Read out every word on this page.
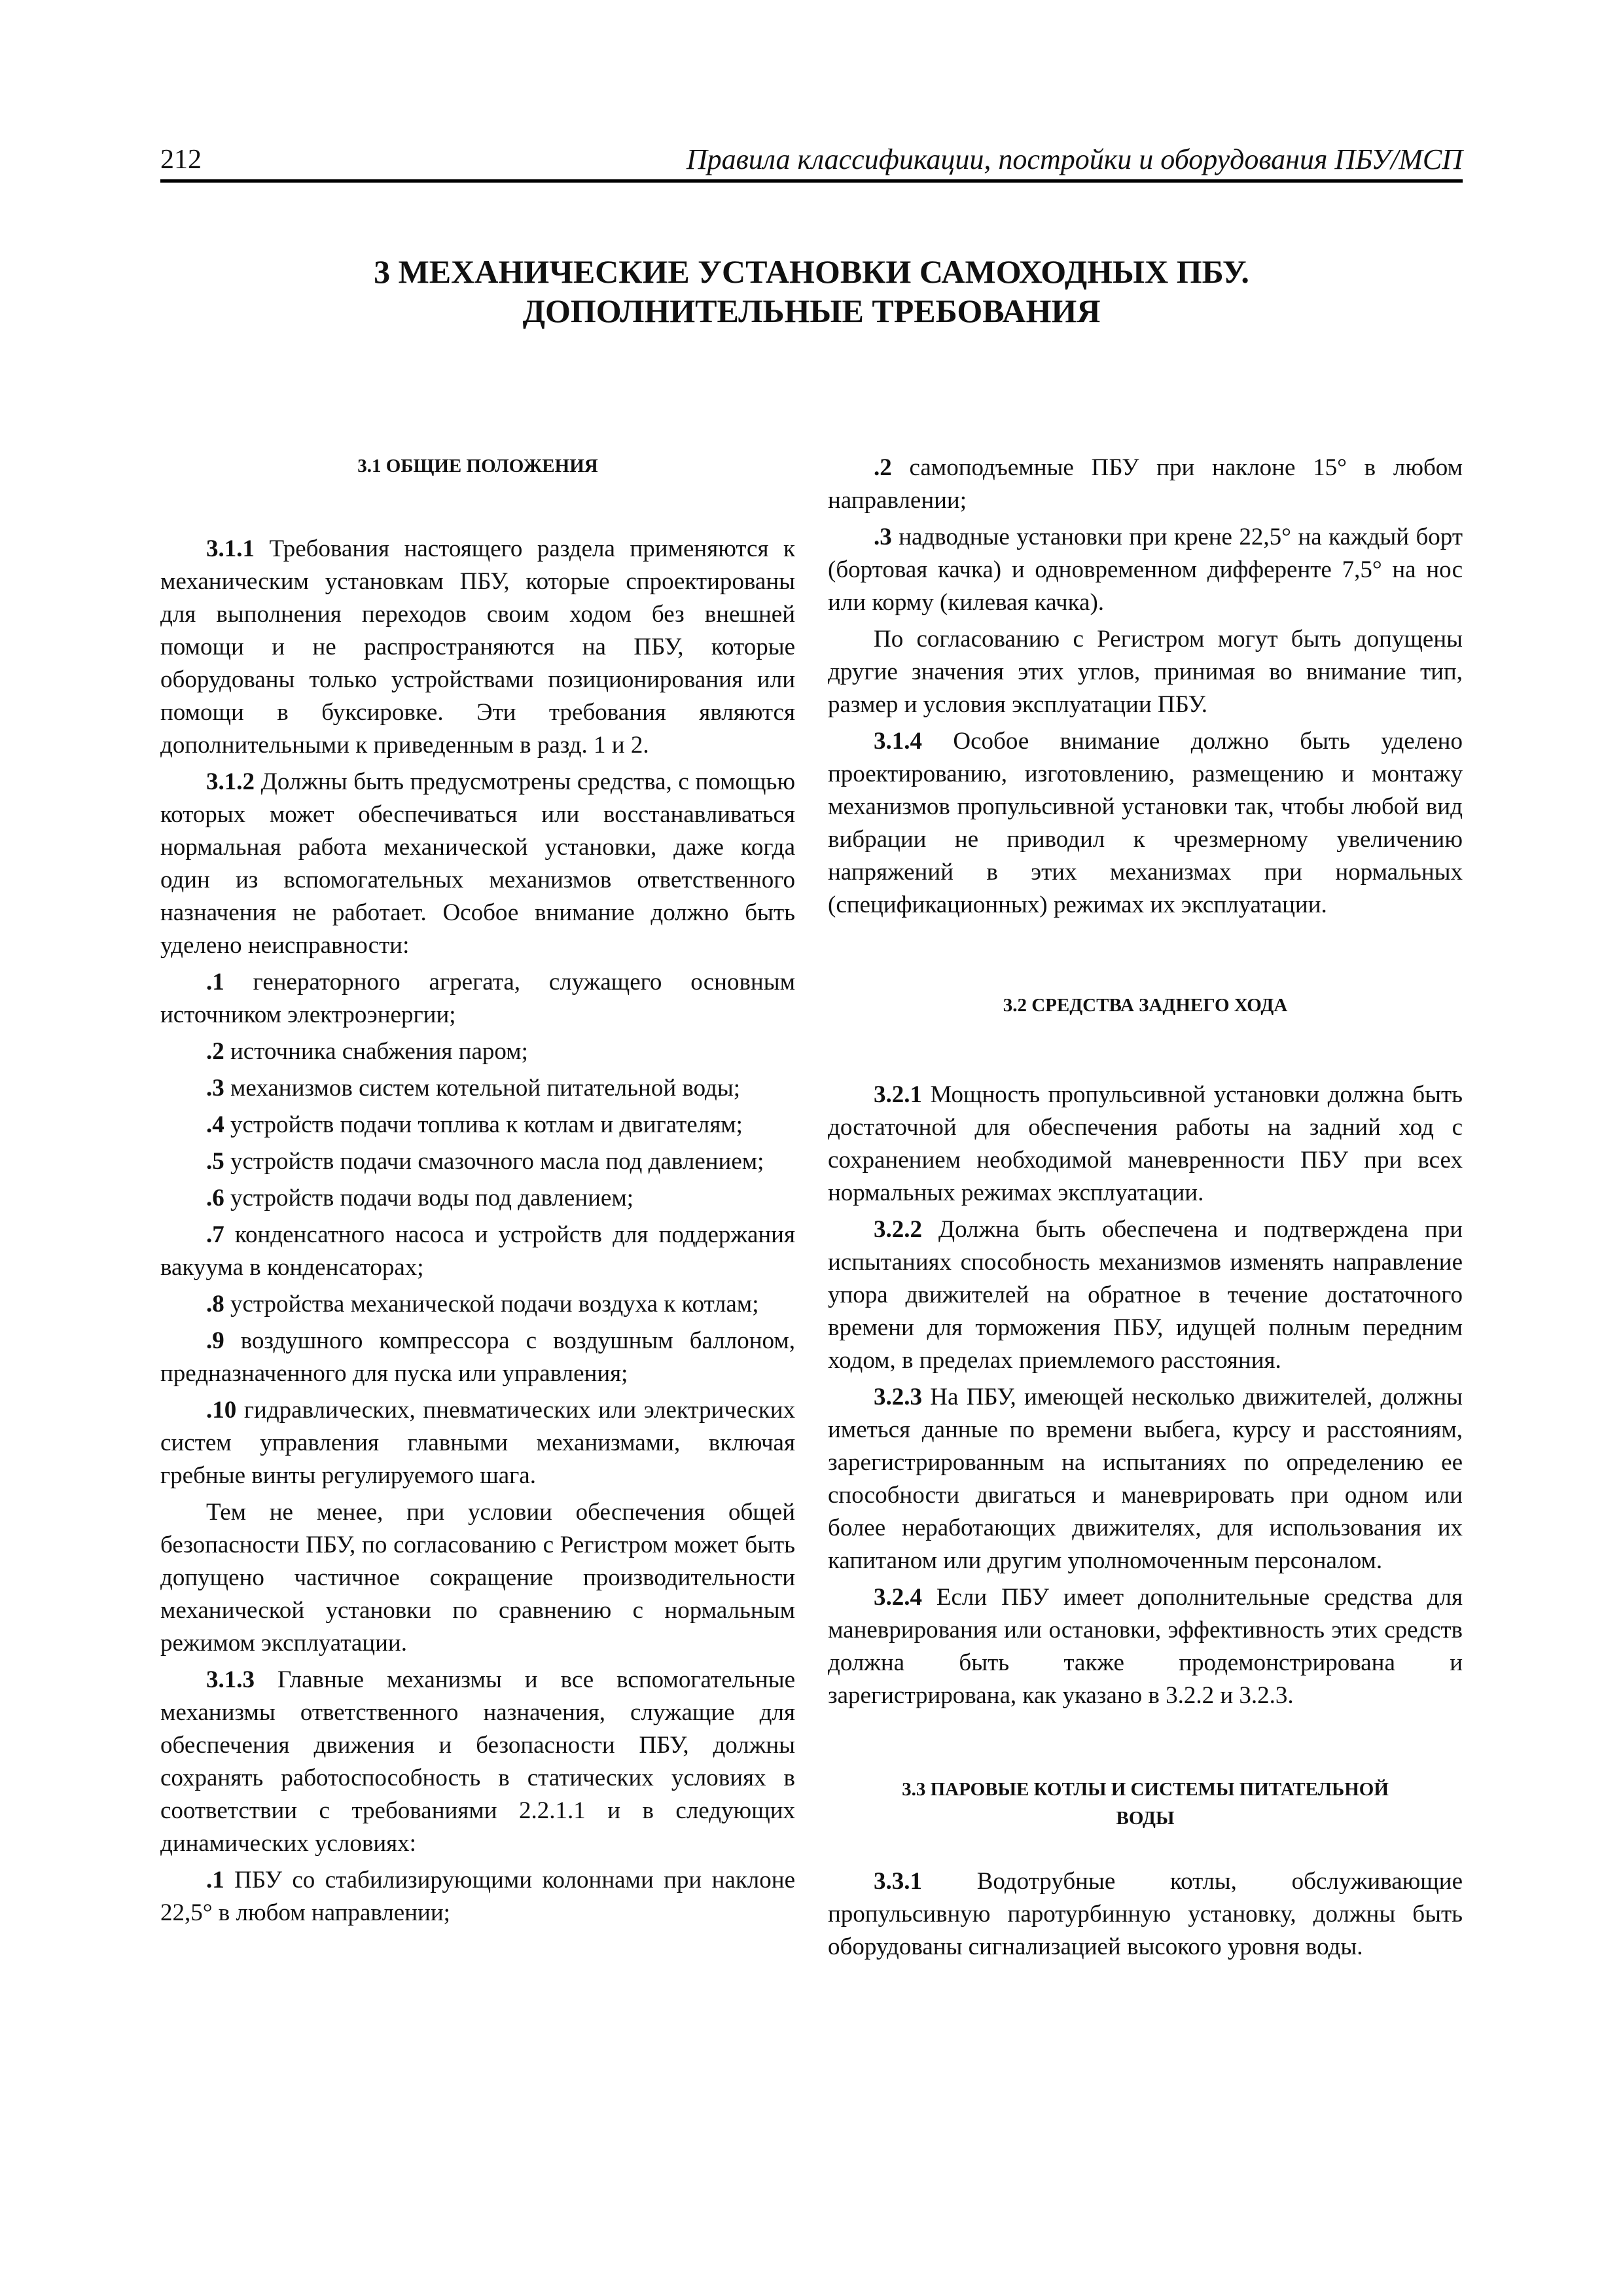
212	Правила классификации, постройки и оборудования ПБУ/МСП
3 МЕХАНИЧЕСКИЕ УСТАНОВКИ САМОХОДНЫХ ПБУ.
ДОПОЛНИТЕЛЬНЫЕ ТРЕБОВАНИЯ
3.1 ОБЩИЕ ПОЛОЖЕНИЯ

3.1.1 Требования настоящего раздела применяются к механическим установкам ПБУ, которые спроектированы для выполнения переходов своим ходом без внешней помощи и не распространяются на ПБУ, которые оборудованы только устройствами позиционирования или помощи в буксировке. Эти требования являются дополнительными к приведенным в разд. 1 и 2.

3.1.2 Должны быть предусмотрены средства, с помощью которых может обеспечиваться или восстанавливаться нормальная работа механической установки, даже когда один из вспомогательных механизмов ответственного назначения не работает. Особое внимание должно быть уделено неисправности:

.1 генераторного агрегата, служащего основным источником электроэнергии;

.2 источника снабжения паром;

.3 механизмов систем котельной питательной воды;

.4 устройств подачи топлива к котлам и двигателям;

.5 устройств подачи смазочного масла под давлением;

.6 устройств подачи воды под давлением;

.7 конденсатного насоса и устройств для поддержания вакуума в конденсаторах;

.8 устройства механической подачи воздуха к котлам;

.9 воздушного компрессора с воздушным баллоном, предназначенного для пуска или управления;

.10 гидравлических, пневматических или электрических систем управления главными механизмами, включая гребные винты регулируемого шага.

Тем не менее, при условии обеспечения общей безопасности ПБУ, по согласованию с Регистром может быть допущено частичное сокращение производительности механической установки по сравнению с нормальным режимом эксплуатации.

3.1.3 Главные механизмы и все вспомогательные механизмы ответственного назначения, служащие для обеспечения движения и безопасности ПБУ, должны сохранять работоспособность в статических условиях в соответствии с требованиями 2.2.1.1 и в следующих динамических условиях:

.1 ПБУ со стабилизирующими колоннами при наклоне 22,5° в любом направлении;

.2 самоподъемные ПБУ при наклоне 15° в любом направлении;

.3 надводные установки при крене 22,5° на каждый борт (бортовая качка) и одновременном дифференте 7,5° на нос или корму (килевая качка).

По согласованию с Регистром могут быть допущены другие значения этих углов, принимая во внимание тип, размер и условия эксплуатации ПБУ.

3.1.4 Особое внимание должно быть уделено проектированию, изготовлению, размещению и монтажу механизмов пропульсивной установки так, чтобы любой вид вибрации не приводил к чрезмерному увеличению напряжений в этих механизмах при нормальных (спецификационных) режимах их эксплуатации.

3.2 СРЕДСТВА ЗАДНЕГО ХОДА

3.2.1 Мощность пропульсивной установки должна быть достаточной для обеспечения работы на задний ход с сохранением необходимой маневренности ПБУ при всех нормальных режимах эксплуатации.

3.2.2 Должна быть обеспечена и подтверждена при испытаниях способность механизмов изменять направление упора движителей на обратное в течение достаточного времени для торможения ПБУ, идущей полным передним ходом, в пределах приемлемого расстояния.

3.2.3 На ПБУ, имеющей несколько движителей, должны иметься данные по времени выбега, курсу и расстояниям, зарегистрированным на испытаниях по определению ее способности двигаться и маневрировать при одном или более неработающих движителях, для использования их капитаном или другим уполномоченным персоналом.

3.2.4 Если ПБУ имеет дополнительные средства для маневрирования или остановки, эффективность этих средств должна быть также продемонстрирована и зарегистрирована, как указано в 3.2.2 и 3.2.3.

3.3 ПАРОВЫЕ КОТЛЫ И СИСТЕМЫ ПИТАТЕЛЬНОЙ
ВОДЫ

3.3.1 Водотрубные котлы, обслуживающие пропульсивную паротурбинную установку, должны быть оборудованы сигнализацией высокого уровня воды.
